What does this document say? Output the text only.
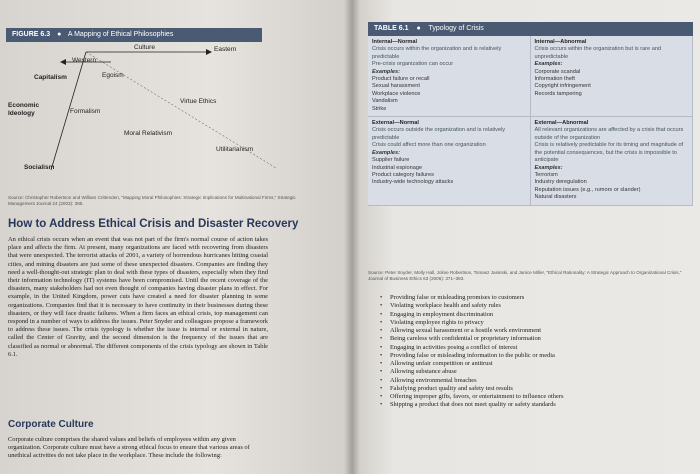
FIGURE 6.3 ● A Mapping of Ethical Philosophies
Culture	Eastern
Western
Capitalism	Egoism
Economic Ideology	Formalism
Virtue Ethics
Moral Relativism
Utilitarianism
Socialism
Source: Christopher Robertson and William Crittenden, "Mapping Moral Philosophies: Strategic Implications for Multinational Firms," Strategic Management Journal 24 (2003): 385.
How to Address Ethical Crisis and Disaster Recovery
An ethical crisis occurs when an event that was not part of the firm's normal course of action takes place and affects the firm. At present, many organizations are faced with recovering from disasters that were unexpected. The terrorist attacks of 2001, a variety of horrendous hurricanes hitting coastal cities, and mining disasters are just some of these unexpected disasters. Companies are finding they need a well-thought-out strategic plan to deal with these types of disasters, especially when they find their information technology (IT) systems have been compromised. Until the recent coverage of the disasters, many stakeholders had not even thought of companies having disaster plans in effect. For example, in the United Kingdom, power cuts have created a need for disaster planning in some organizations. Companies find that it is necessary to have continuity in their businesses during these disasters, or they will face drastic failures. When a firm faces an ethical crisis, top management can respond in a number of ways to address the issues. Peter Snyder and colleagues propose a framework to address these issues. The crisis typology is whether the issue is internal or external in nature, called the Center of Gravity, and the second dimension is the frequency of the issues that are classified as normal or abnormal. The different components of the crisis typology are shown in Table 6.1.
Corporate Culture
Corporate culture comprises the shared values and beliefs of employees within any given organization. Corporate culture must have a strong ethical focus to ensure that various areas of unethical activities do not take place in the workplace. These include the following:
TABLE 6.1 ● Typology of Crisis
Internal—Normal
Crisis occurs within the organization and is relatively predictable
Pre-crisis organization can occur
Examples:
Product failure or recall
Sexual harassment
Workplace violence
Vandalism
Strike
Internal—Abnormal
Crisis occurs within the organization but is rare and unpredictable
Examples:
Corporate scandal
Information theft
Copyright infringement
Records tampering
External—Normal
Crisis occurs outside the organization and is relatively predictable
Crisis could affect more than one organization
Examples:
Supplier failure
Industrial espionage
Product category failures
Industry-wide technology attacks
External—Abnormal
All relevant organizations are affected by a crisis that occurs outside of the organization
Crisis is relatively predictable for its timing and magnitude of the potential consequences, but the crisis is impossible to anticipate
Examples:
Terrorism
Industry deregulation
Reputation issues (e.g., rumors or slander)
Natural disasters
Source: Peter Snyder, Molly Hall, Joline Robertson, Tomasz Jasinski, and Janice Miller, "Ethical Rationality: A Strategic Approach to Organizational Crisis," Journal of Business Ethics 63 (2006): 371–383.
• Providing false or misleading promises to customers
• Violating workplace health and safety rules
• Engaging in employment discrimination
• Violating employee rights to privacy
• Allowing sexual harassment or a hostile work environment
• Being careless with confidential or proprietary information
• Engaging in activities posing a conflict of interest
• Providing false or misleading information to the public or media
• Allowing unfair competition or antitrust
• Allowing substance abuse
• Allowing environmental breaches
• Falsifying product quality and safety test results
• Offering improper gifts, favors, or entertainment to influence others
• Shipping a product that does not meet quality or safety standards
